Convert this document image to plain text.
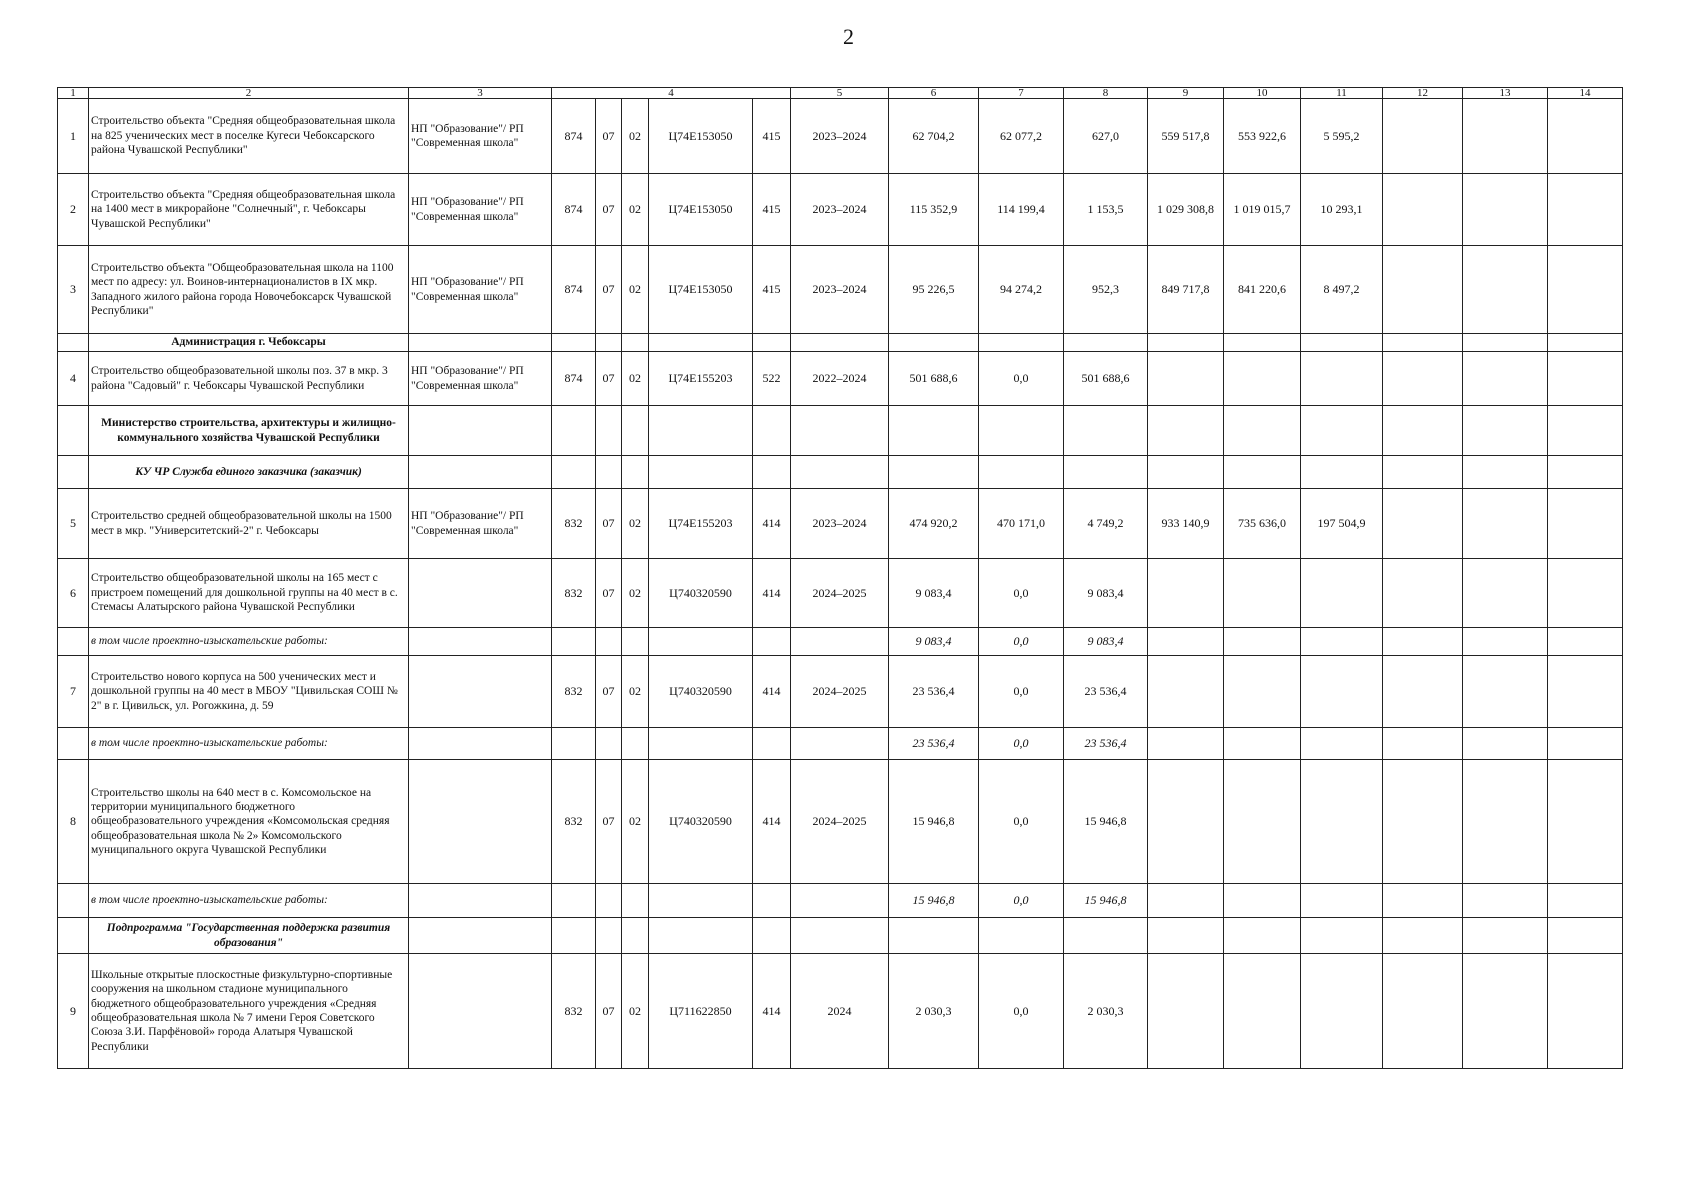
2
1	2	3	4					5	6	7	8	9	10	11	12	13	14
1	Строительство объекта "Средняя общеобразовательная школа на 825 ученических мест в поселке Кугеси Чебоксарского района Чувашской Республики"	НП "Образование"/ РП "Современная школа"	874	07	02	Ц74Е153050	415	2023–2024	62 704,2	62 077,2	627,0	559 517,8	553 922,6	5 595,2			
2	Строительство объекта "Средняя общеобразовательная школа на 1400 мест в микрорайоне "Солнечный", г. Чебоксары Чувашской Республики"	НП "Образование"/ РП "Современная школа"	874	07	02	Ц74Е153050	415	2023–2024	115 352,9	114 199,4	1 153,5	1 029 308,8	1 019 015,7	10 293,1			
3	Строительство объекта "Общеобразовательная школа на 1100 мест по адресу: ул. Воинов-интернационалистов в IX мкр. Западного жилого района города Новочебоксарск Чувашской Республики"	НП "Образование"/ РП "Современная школа"	874	07	02	Ц74Е153050	415	2023–2024	95 226,5	94 274,2	952,3	849 717,8	841 220,6	8 497,2			
	Администрация г. Чебоксары																
4	Строительство общеобразовательной школы поз. 37 в мкр. 3 района "Садовый" г. Чебоксары Чувашской Республики	НП "Образование"/ РП "Современная школа"	874	07	02	Ц74Е155203	522	2022–2024	501 688,6	0,0	501 688,6						
	Министерство строительства, архитектуры и жилищно-коммунального хозяйства Чувашской Республики																
	КУ ЧР Служба единого заказчика (заказчик)																
5	Строительство средней общеобразовательной школы на 1500 мест в мкр. "Университетский-2" г. Чебоксары	НП "Образование"/ РП "Современная школа"	832	07	02	Ц74Е155203	414	2023–2024	474 920,2	470 171,0	4 749,2	933 140,9	735 636,0	197 504,9			
6	Строительство общеобразовательной школы на 165 мест с пристроем помещений для дошкольной группы на 40 мест в с. Стемасы Алатырского района Чувашской Республики		832	07	02	Ц740320590	414	2024–2025	9 083,4	0,0	9 083,4						
	в том числе проектно-изыскательские работы:								9 083,4	0,0	9 083,4						
7	Строительство нового корпуса на 500 ученических мест и дошкольной группы на 40 мест в МБОУ "Цивильская СОШ № 2" в г. Цивильск, ул. Рогожкина, д. 59		832	07	02	Ц740320590	414	2024–2025	23 536,4	0,0	23 536,4						
	в том числе проектно-изыскательские работы:								23 536,4	0,0	23 536,4						
8	Строительство школы на 640 мест в с. Комсомольское на территории муниципального бюджетного общеобразовательного учреждения «Комсомольская средняя общеобразовательная школа № 2» Комсомольского муниципального округа Чувашской Республики		832	07	02	Ц740320590	414	2024–2025	15 946,8	0,0	15 946,8						
	в том числе проектно-изыскательские работы:								15 946,8	0,0	15 946,8						
	Подпрограмма "Государственная поддержка развития образования"																
9	Школьные открытые плоскостные физкультурно-спортивные сооружения на школьном стадионе муниципального бюджетного общеобразовательного учреждения «Средняя общеобразовательная школа № 7 имени Героя Советского Союза З.И. Парфёновой» города Алатыря Чувашской Республики		832	07	02	Ц711622850	414	2024	2 030,3	0,0	2 030,3						
